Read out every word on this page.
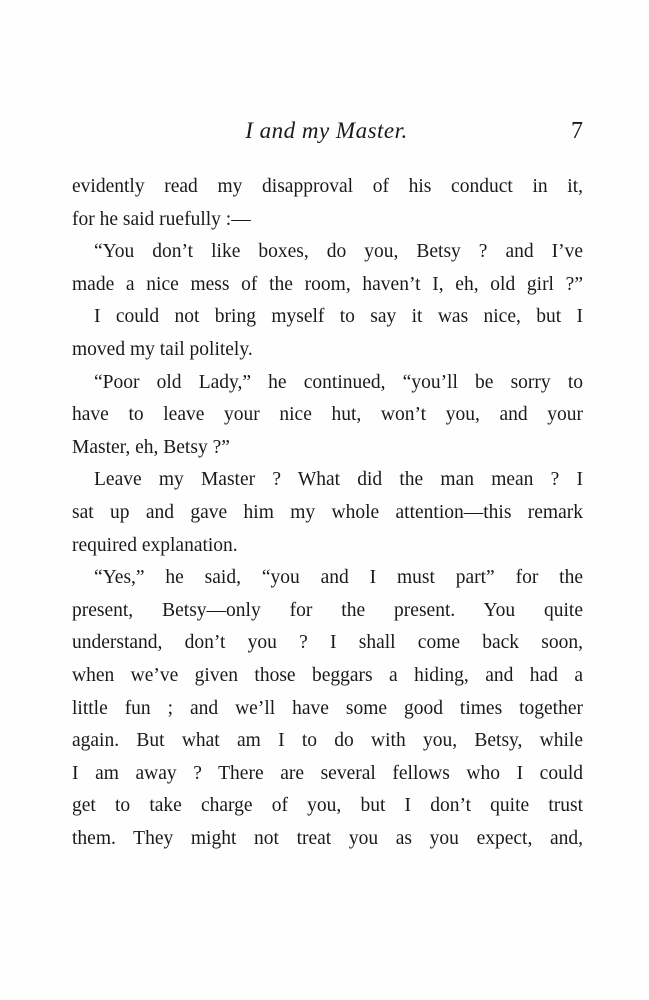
I and my Master.	7
evidently read my disapproval of his conduct in it,
for he said ruefully :—
“You don’t like boxes, do you, Betsy ? and I’ve
made a nice mess of the room, haven’t I, eh, old girl ?”
I could not bring myself to say it was nice, but I
moved my tail politely.
“Poor old Lady,” he continued, “you’ll be sorry to
have to leave your nice hut, won’t you, and your
Master, eh, Betsy ?”
Leave my Master ? What did the man mean ? I
sat up and gave him my whole attention—this remark
required explanation.
“Yes,” he said, “you and I must part” for the
present, Betsy—only for the present. You quite
understand, don’t you ? I shall come back soon,
when we’ve given those beggars a hiding, and had a
little fun ; and we’ll have some good times together
again. But what am I to do with you, Betsy, while
I am away ? There are several fellows who I could
get to take charge of you, but I don’t quite trust
them. They might not treat you as you expect, and,
